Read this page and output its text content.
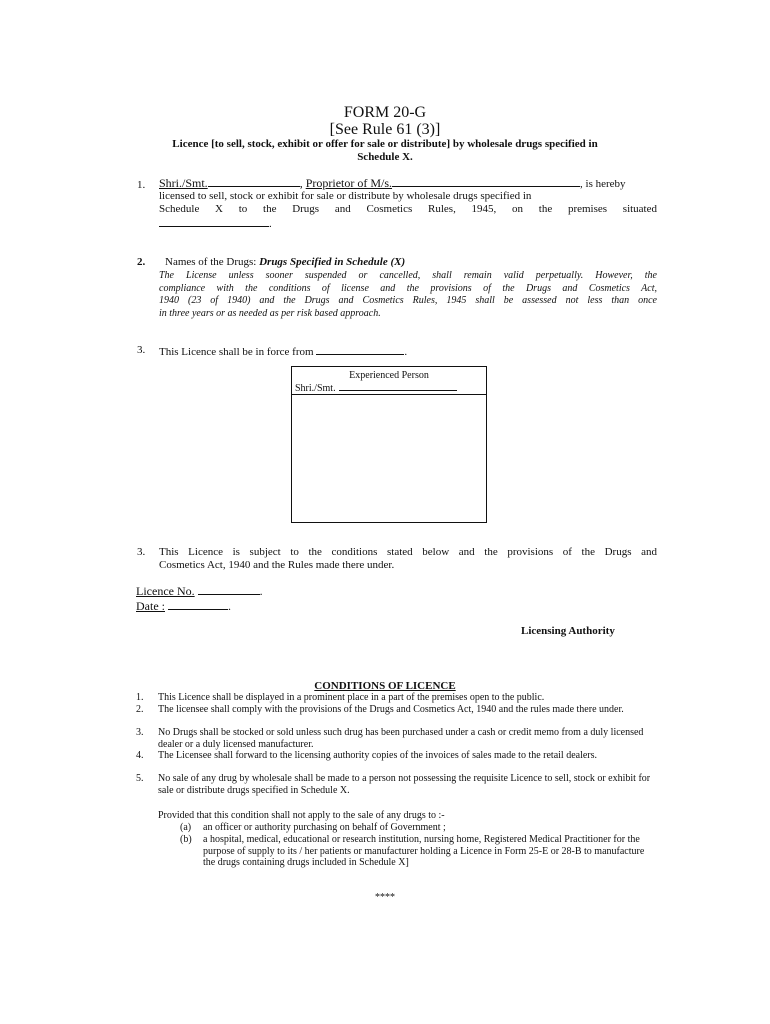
FORM 20-G
[See Rule 61 (3)]
Licence [to sell, stock, exhibit or offer for sale or distribute] by wholesale drugs specified in
Schedule X.
1. Shri./Smt.	, Proprietor of M/s.	, is hereby
licensed to sell, stock or exhibit for sale or distribute by wholesale drugs specified in
Schedule X to the Drugs and Cosmetics Rules, 1945, on the premises situated
.
2. Names of the Drugs: Drugs Specified in Schedule (X)
The License unless sooner suspended or cancelled, shall remain valid perpetually. However, the
compliance with the conditions of license and the provisions of the Drugs and Cosmetics Act,
1940 (23 of 1940) and the Drugs and Cosmetics Rules, 1945 shall be assessed not less than once
in three years or as needed as per risk based approach.
3. This Licence shall be in force from	.
Experienced Person
Shri./Smt.
3. This Licence is subject to the conditions stated below and the provisions of the Drugs and
Cosmetics Act, 1940 and the Rules made there under.
Licence No.	.
Date :	.
Licensing Authority
CONDITIONS OF LICENCE
1. This Licence shall be displayed in a prominent place in a part of the premises open to the public.
2. The licensee shall comply with the provisions of the Drugs and Cosmetics Act, 1940 and the rules made there under.
3. No Drugs shall be stocked or sold unless such drug has been purchased under a cash or credit memo from a duly licensed dealer or a duly licensed manufacturer.
4. The Licensee shall forward to the licensing authority copies of the invoices of sales made to the retail dealers.
5. No sale of any drug by wholesale shall be made to a person not possessing the requisite Licence to sell, stock or exhibit for sale or distribute drugs specified in Schedule X.
Provided that this condition shall not apply to the sale of any drugs to :-
(a) an officer or authority purchasing on behalf of Government ;
(b) a hospital, medical, educational or research institution, nursing home, Registered Medical Practitioner for the purpose of supply to its / her patients or manufacturer holding a Licence in Form 25-E or 28-B to manufacture the drugs containing drugs included in Schedule X]
****
